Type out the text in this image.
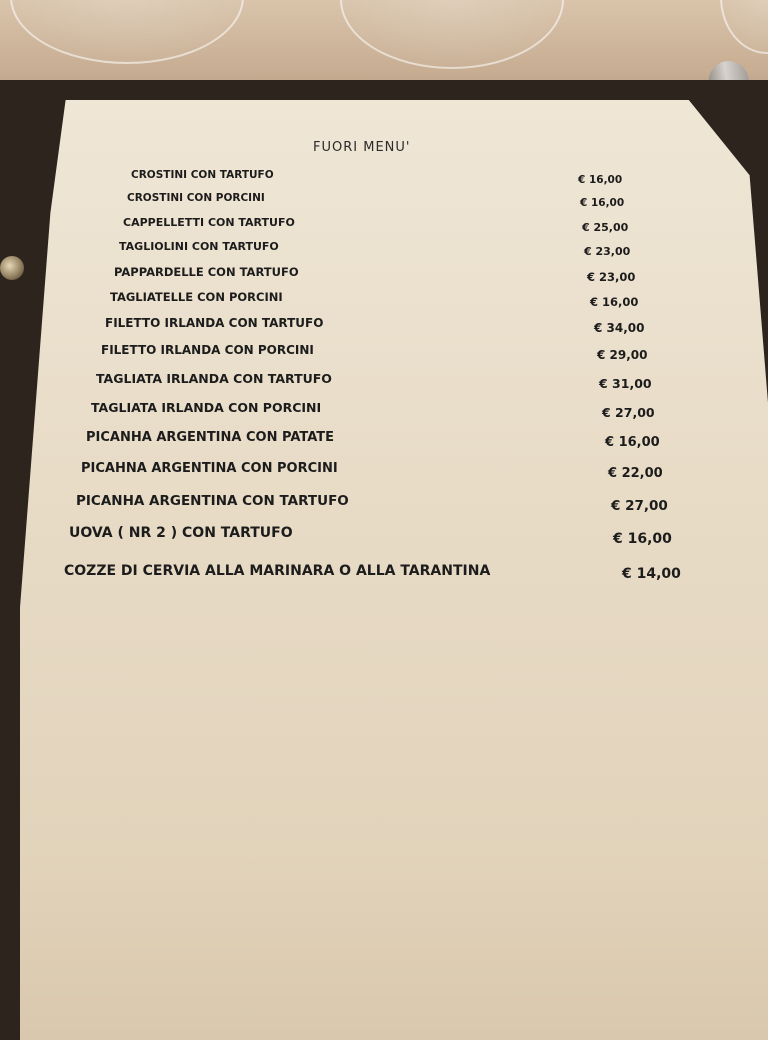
FUORI MENU'
CROSTINI CON TARTUFO	€ 16,00
CROSTINI CON PORCINI	€ 16,00
CAPPELLETTI CON TARTUFO	€ 25,00
TAGLIOLINI CON TARTUFO	€ 23,00
PAPPARDELLE CON TARTUFO	€ 23,00
TAGLIATELLE CON PORCINI	€ 16,00
FILETTO IRLANDA CON TARTUFO	€ 34,00
FILETTO IRLANDA CON PORCINI	€ 29,00
TAGLIATA IRLANDA CON TARTUFO	€ 31,00
TAGLIATA IRLANDA CON PORCINI	€ 27,00
PICANHA ARGENTINA CON PATATE	€ 16,00
PICAHNA ARGENTINA CON PORCINI	€ 22,00
PICANHA ARGENTINA CON TARTUFO	€ 27,00
UOVA ( NR 2 ) CON TARTUFO	€ 16,00
COZZE DI CERVIA ALLA MARINARA O ALLA TARANTINA	€ 14,00
